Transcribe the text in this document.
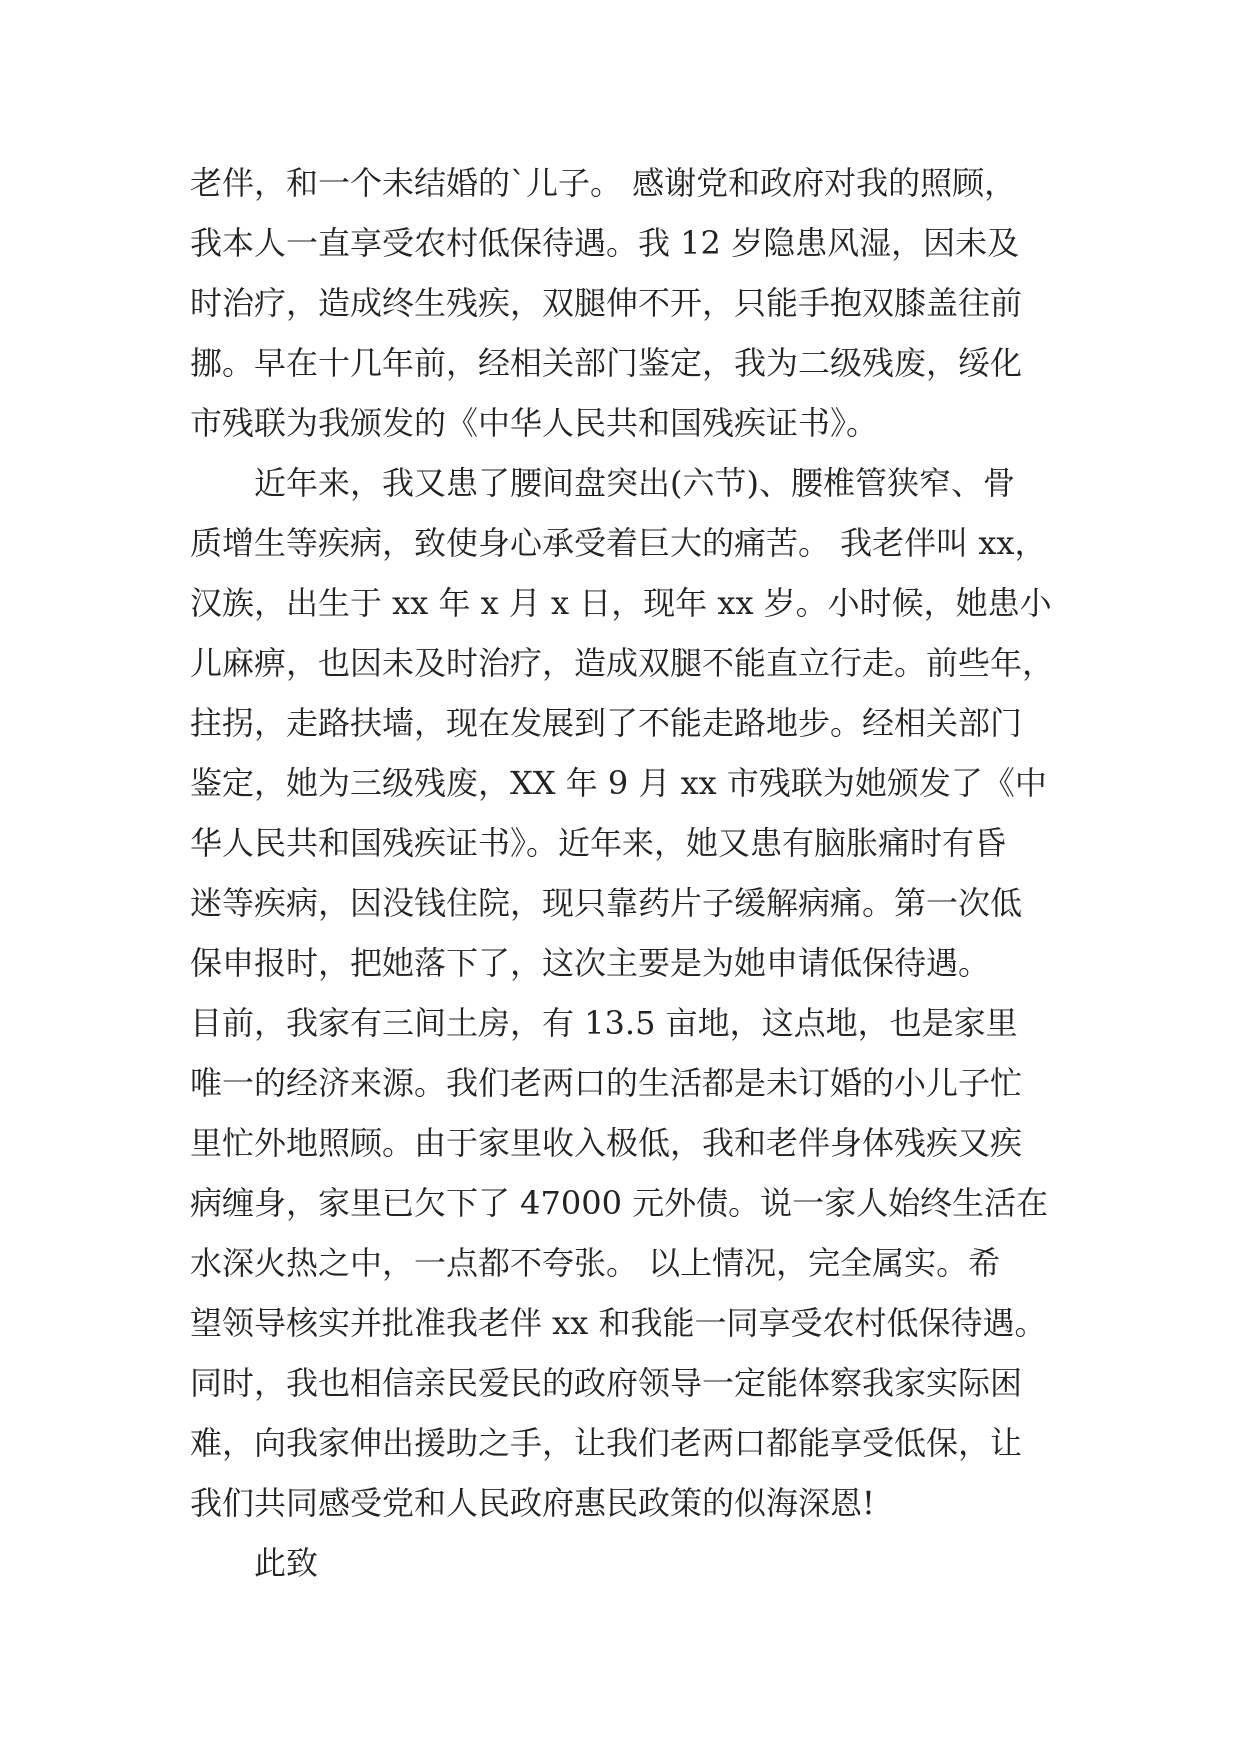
老伴，和一个未结婚的`儿子。 感谢党和政府对我的照顾，
我本人一直享受农村低保待遇。我 12 岁隐患风湿，因未及
时治疗，造成终生残疾，双腿伸不开，只能手抱双膝盖往前
挪。早在十几年前，经相关部门鉴定，我为二级残废，绥化
市残联为我颁发的《中华人民共和国残疾证书》。
近年来，我又患了腰间盘突出(六节)、腰椎管狭窄、骨
质增生等疾病，致使身心承受着巨大的痛苦。 我老伴叫 xx，
汉族，出生于 xx 年 x 月 x 日，现年 xx 岁。小时候，她患小
儿麻痹，也因未及时治疗，造成双腿不能直立行走。前些年，
拄拐，走路扶墙，现在发展到了不能走路地步。经相关部门
鉴定，她为三级残废，XX 年 9 月 xx 市残联为她颁发了《中
华人民共和国残疾证书》。近年来，她又患有脑胀痛时有昏
迷等疾病，因没钱住院，现只靠药片子缓解病痛。第一次低
保申报时，把她落下了，这次主要是为她申请低保待遇。
目前，我家有三间土房，有 13.5 亩地，这点地，也是家里
唯一的经济来源。我们老两口的生活都是未订婚的小儿子忙
里忙外地照顾。由于家里收入极低，我和老伴身体残疾又疾
病缠身，家里已欠下了 47000 元外债。说一家人始终生活在
水深火热之中，一点都不夸张。 以上情况，完全属实。希
望领导核实并批准我老伴 xx 和我能一同享受农村低保待遇。
同时，我也相信亲民爱民的政府领导一定能体察我家实际困
难，向我家伸出援助之手，让我们老两口都能享受低保，让
我们共同感受党和人民政府惠民政策的似海深恩!
此致
